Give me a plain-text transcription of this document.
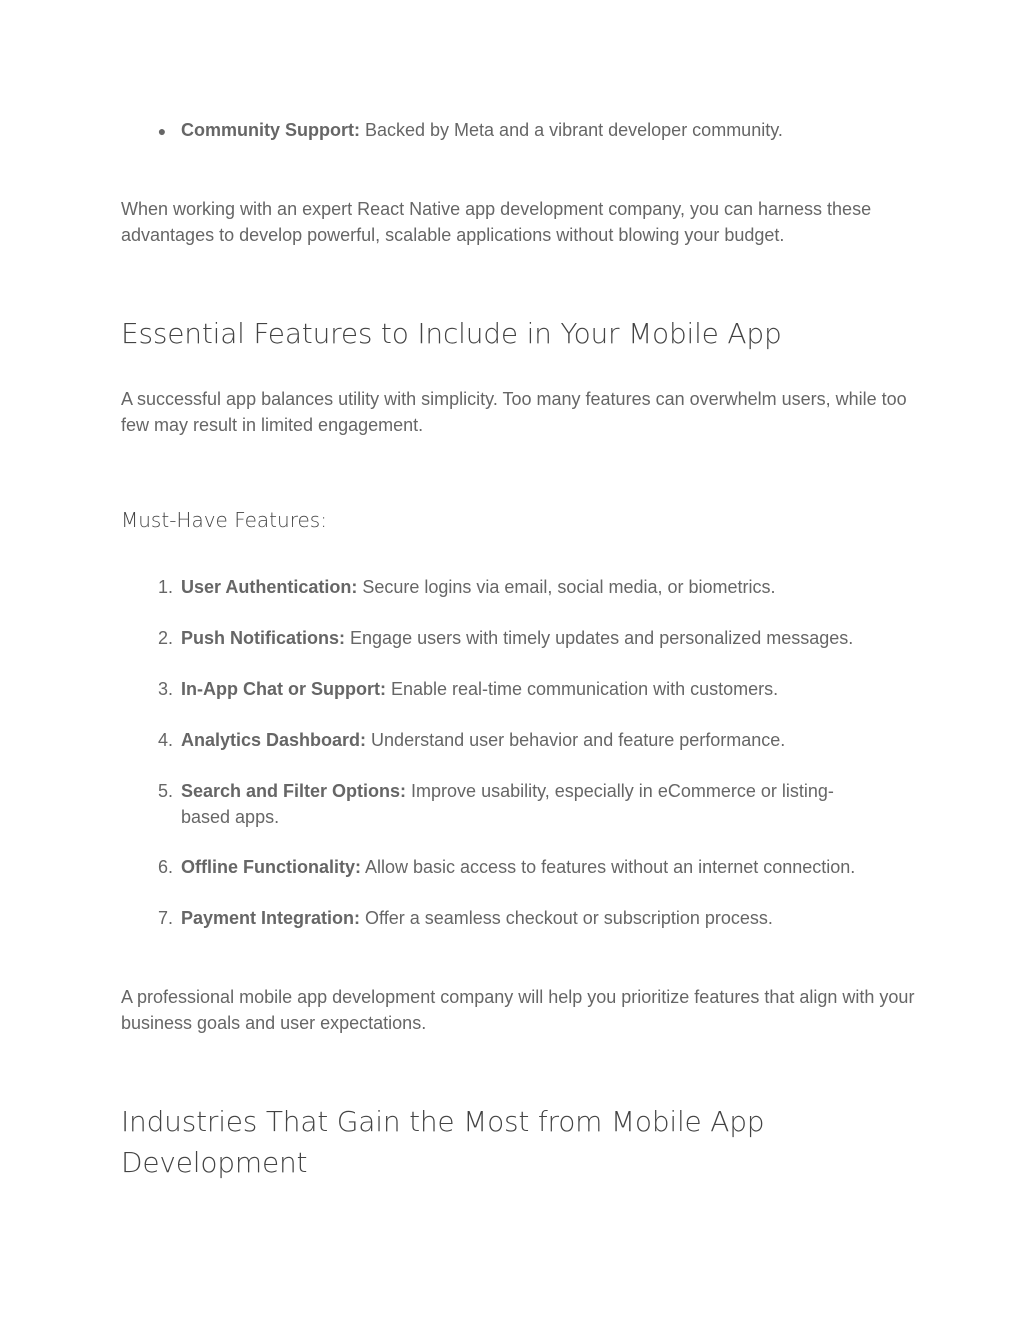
● Community Support: Backed by Meta and a vibrant developer community.

When working with an expert React Native app development company, you can harness these advantages to develop powerful, scalable applications without blowing your budget.

Essential Features to Include in Your Mobile App

A successful app balances utility with simplicity. Too many features can overwhelm users, while too few may result in limited engagement.

Must-Have Features:
1. User Authentication: Secure logins via email, social media, or biometrics.
2. Push Notifications: Engage users with timely updates and personalized messages.
3. In-App Chat or Support: Enable real-time communication with customers.
4. Analytics Dashboard: Understand user behavior and feature performance.
5. Search and Filter Options: Improve usability, especially in eCommerce or listing-based apps.
6. Offline Functionality: Allow basic access to features without an internet connection.
7. Payment Integration: Offer a seamless checkout or subscription process.

A professional mobile app development company will help you prioritize features that align with your business goals and user expectations.

Industries That Gain the Most from Mobile App Development
